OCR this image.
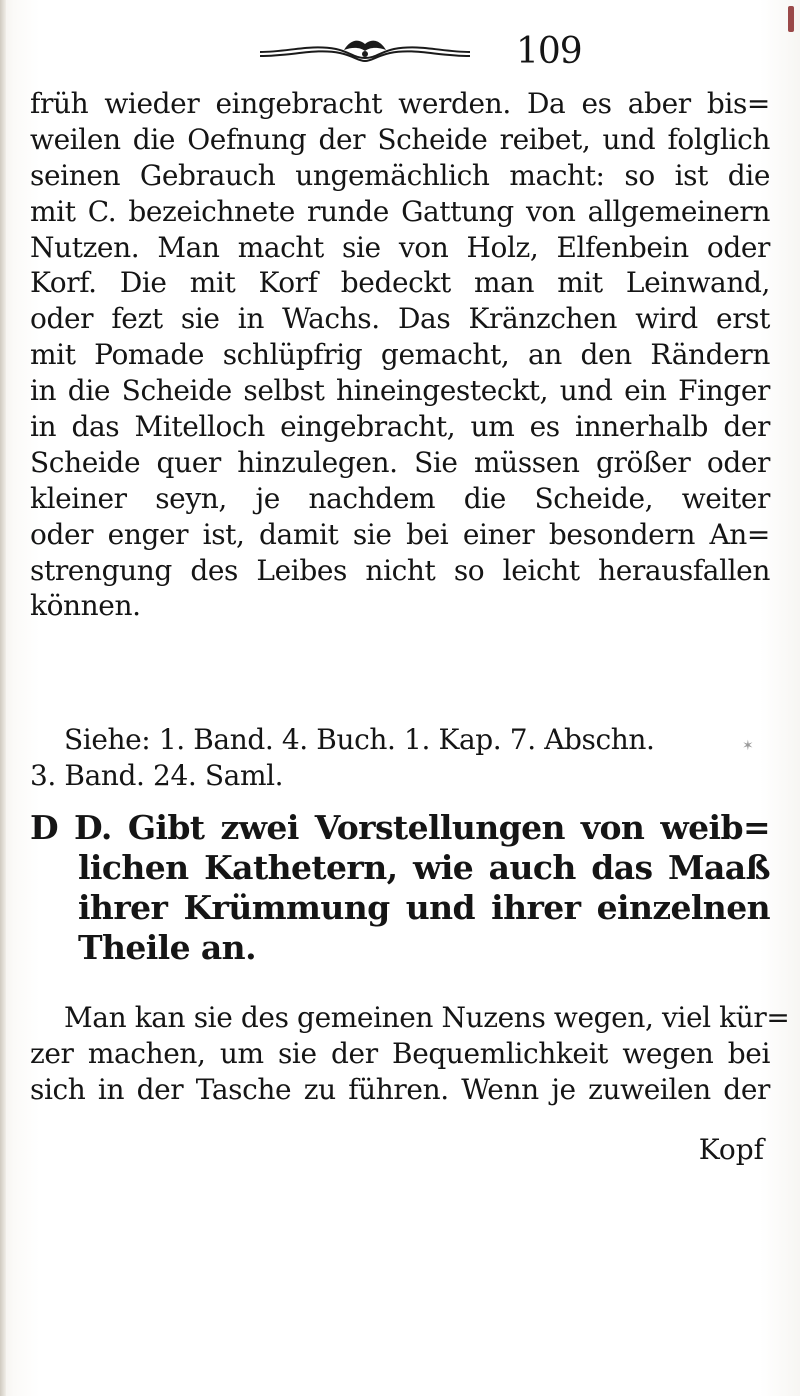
109
früh wieder eingebracht werden. Da es aber bis=
weilen die Oefnung der Scheide reibet, und folglich
seinen Gebrauch ungemächlich macht: so ist die
mit C. bezeichnete runde Gattung von allgemeinern
Nutzen. Man macht sie von Holz, Elfenbein oder
Korf. Die mit Korf bedeckt man mit Leinwand,
oder fezt sie in Wachs. Das Kränzchen wird erst
mit Pomade schlüpfrig gemacht, an den Rändern
in die Scheide selbst hineingesteckt, und ein Finger
in das Mitelloch eingebracht, um es innerhalb der
Scheide quer hinzulegen. Sie müssen größer oder
kleiner seyn, je nachdem die Scheide, weiter
oder enger ist, damit sie bei einer besondern An=
strengung des Leibes nicht so leicht herausfallen
können.
Siehe: 1. Band. 4. Buch. 1. Kap. 7. Abschn.
3. Band. 24. Saml.
✶
D D. Gibt zwei Vorstellungen von weib=
lichen Kathetern, wie auch das Maaß
ihrer Krümmung und ihrer einzelnen
Theile an.
Man kan sie des gemeinen Nuzens wegen, viel kür=
zer machen, um sie der Bequemlichkeit wegen bei
sich in der Tasche zu führen. Wenn je zuweilen der
Kopf
